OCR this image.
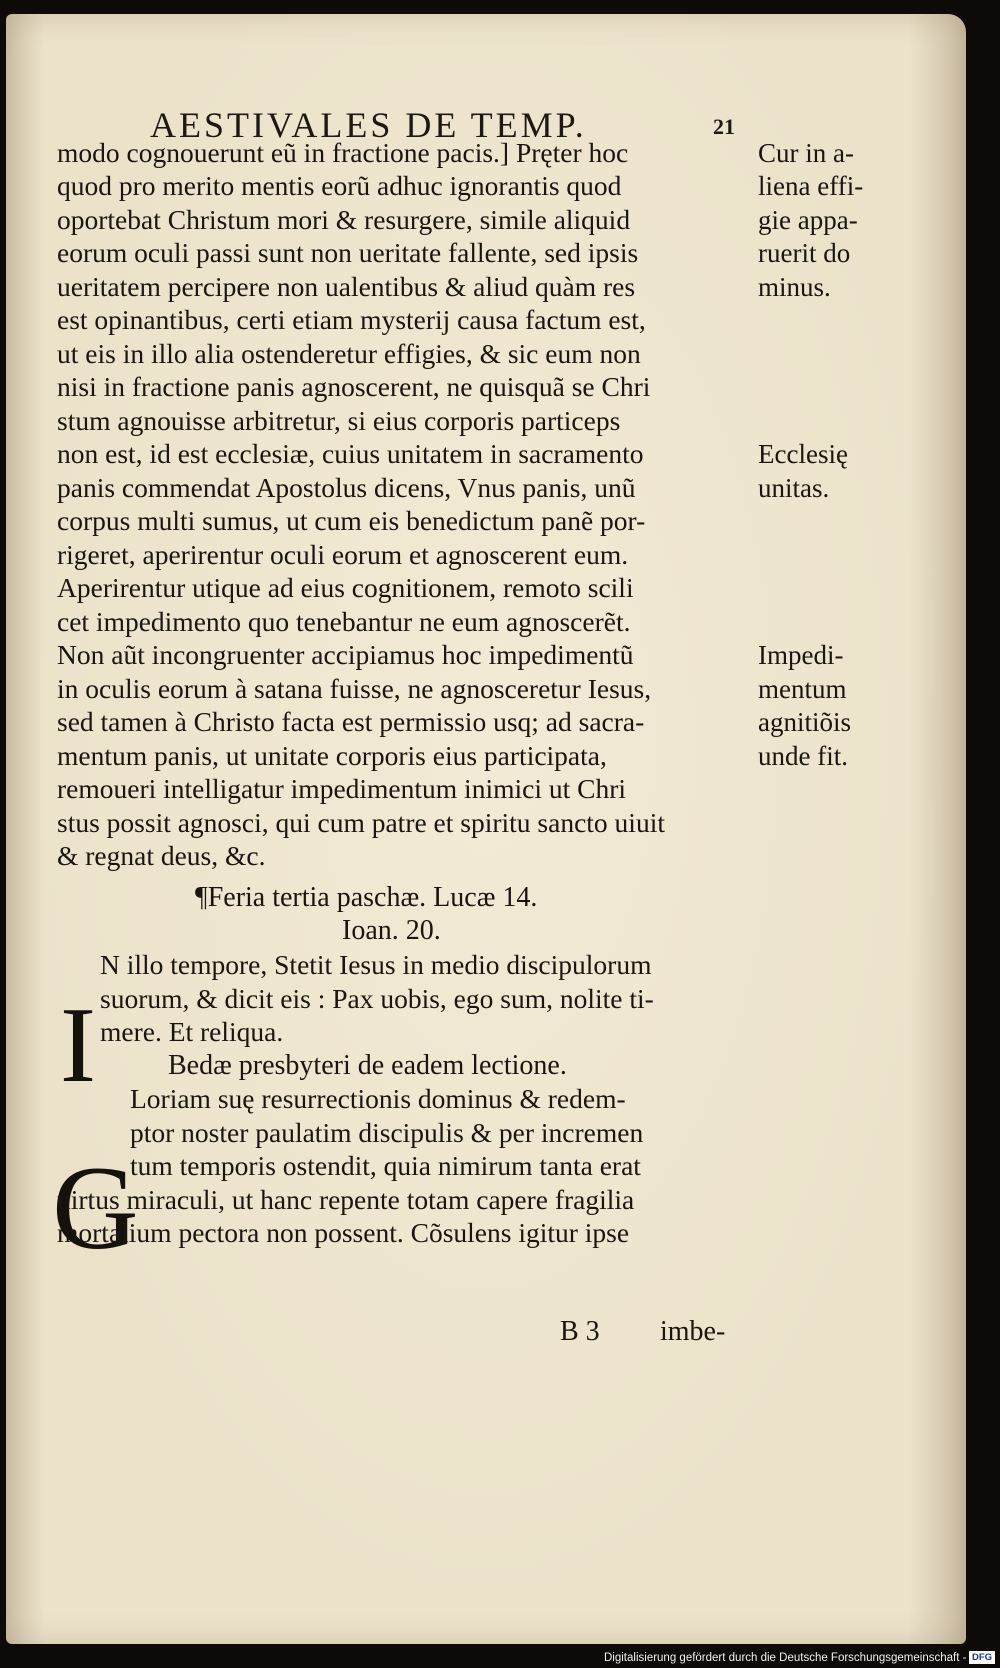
AESTIVALES DE TEMP.	21
modo cognouerunt eũ in fractione pacis.] Pręter hoc
quod pro merito mentis eorũ adhuc ignorantis quod
oportebat Christum mori & resurgere, simile aliquid
eorum oculi passi sunt non ueritate fallente, sed ipsis
ueritatem percipere non ualentibus & aliud quàm res
est opinantibus, certi etiam mysterij causa factum est,
ut eis in illo alia ostenderetur effigies, & sic eum non
nisi in fractione panis agnoscerent, ne quisquã se Chri
stum agnouisse arbitretur, si eius corporis particeps
non est, id est ecclesiæ, cuius unitatem in sacramento
panis commendat Apostolus dicens, Vnus panis, unũ
corpus multi sumus, ut cum eis benedictum panẽ por-
rigeret, aperirentur oculi eorum et agnoscerent eum.
Aperirentur utique ad eius cognitionem, remoto scili
cet impedimento quo tenebantur ne eum agnoscerẽt.
Non aũt incongruenter accipiamus hoc impedimentũ
in oculis eorum à satana fuisse, ne agnosceretur Iesus,
sed tamen à Christo facta est permissio usq; ad sacra-
mentum panis, ut unitate corporis eius participata,
remoueri intelligatur impedimentum inimici ut Chri
stus possit agnosci, qui cum patre et spiritu sancto uiuit
& regnat deus, &c.
Cur in a-
liena effi-
gie appa-
ruerit do
minus.
Ecclesię
unitas.
Impedi-
mentum
agnitiõis
unde fit.
¶Feria tertia paschæ. Lucæ 14.
Ioan. 20.
I
N illo tempore, Stetit Iesus in medio discipulorum
suorum, & dicit eis : Pax uobis, ego sum, nolite ti-
mere. Et reliqua.
Bedæ presbyteri de eadem lectione.
G
Loriam suę resurrectionis dominus & redem-
ptor noster paulatim discipulis & per incremen
tum temporis ostendit, quia nimirum tanta erat
uirtus miraculi, ut hanc repente totam capere fragilia
mortalium pectora non possent. Cõsulens igitur ipse
B 3 imbe-
Digitalisierung gefördert durch die Deutsche Forschungsgemeinschaft - DFG
